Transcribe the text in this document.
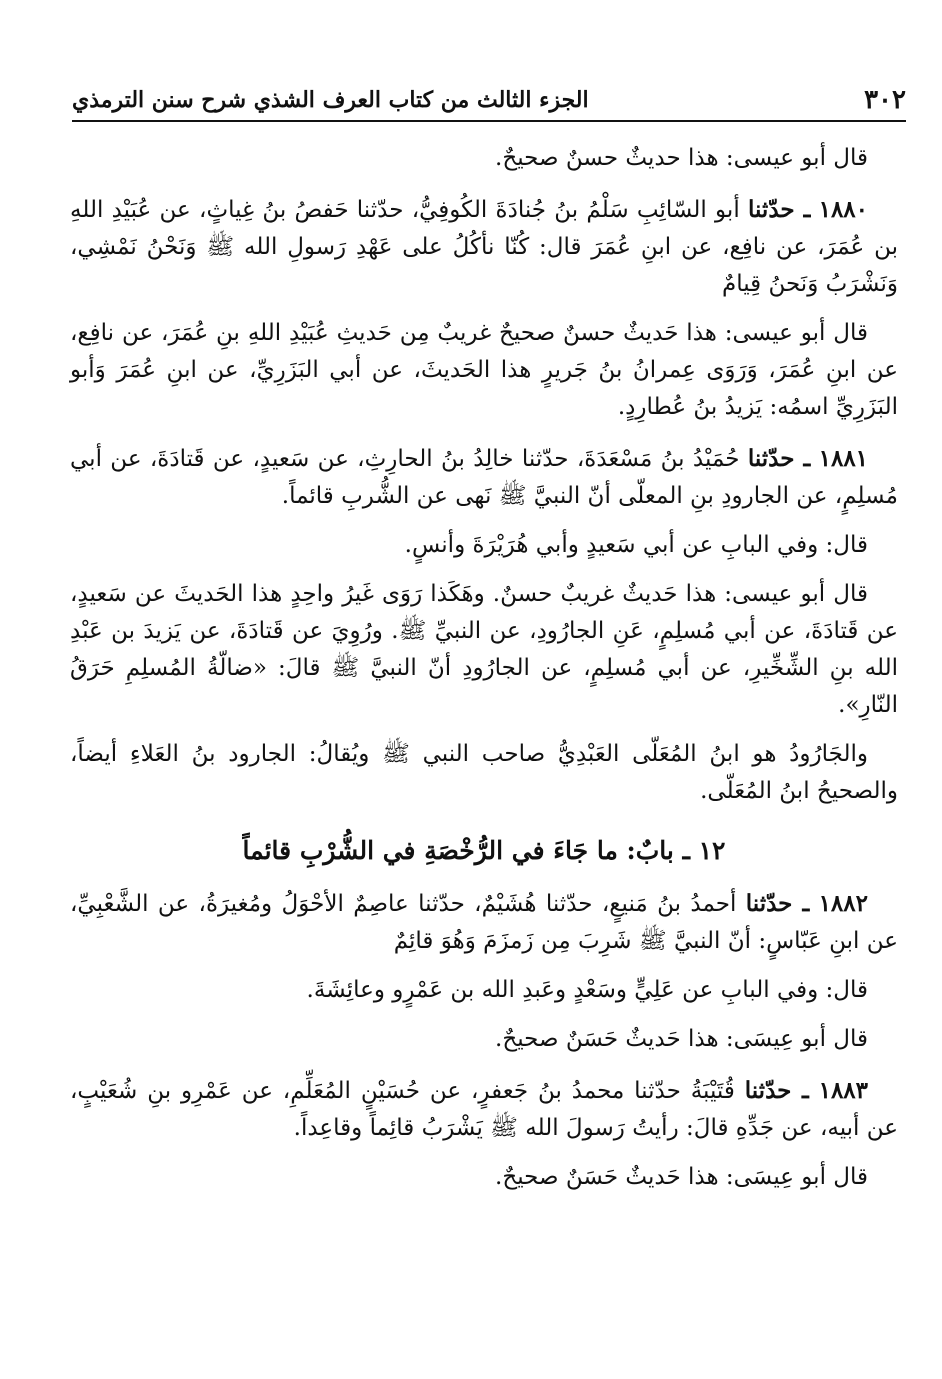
٣٠٢
الجزء الثالث من كتاب العرف الشذي شرح سنن الترمذي

قال أبو عيسى: هذا حديثٌ حسنٌ صحيحٌ.

١٨٨٠ ـ حدّثنا أبو السّائِبِ سَلْمُ بنُ جُنادَةَ الكُوفِيُّ، حدّثنا حَفصُ بنُ غِياثٍ، عن عُبَيْدِ اللهِ بن عُمَرَ، عن نافِع، عن ابنِ عُمَرَ قال: كُنّا نأكُلُ على عَهْدِ رَسولِ الله ﷺ وَنَحْنُ نَمْشِي، وَنَشْرَبُ وَنَحنُ قِيامٌ

قال أبو عيسى: هذا حَديثٌ حسنٌ صحيحٌ غريبٌ مِن حَديثِ عُبَيْدِ اللهِ بنِ عُمَرَ، عن نافِع، عن ابنِ عُمَرَ، وَرَوَى عِمرانُ بنُ جَريرٍ هذا الحَديثَ، عن أبي البَزَرِيِّ، عن ابنِ عُمَرَ وَأبو البَزَرِيِّ اسمُه: يَزيدُ بنُ عُطارِدٍ.

١٨٨١ ـ حدّثنا حُمَيْدُ بنُ مَسْعَدَةَ، حدّثنا خالِدُ بنُ الحارِثِ، عن سَعيدٍ، عن قَتادَةَ، عن أبي مُسلِمٍ، عن الجارودِ بنِ المعلّى أنّ النبيَّ ﷺ نَهى عن الشُّربِ قائماً.

قال: وفي البابِ عن أبي سَعيدٍ وأبي هُرَيْرَةَ وأنسٍ.

قال أبو عيسى: هذا حَديثٌ غريبٌ حسنٌ. وهَكَذا رَوَى غَيرُ واحِدٍ هذا الحَديثَ عن سَعيدٍ، عن قَتادَةَ، عن أبي مُسلِمٍ، عَنِ الجارُودِ، عن النبيِّ ﷺ. ورُوِيَ عن قَتادَةَ، عن يَزيدَ بن عَبْدِ الله بنِ الشِّخِّيرِ، عن أبي مُسلِمٍ، عن الجارُودِ أنّ النبيَّ ﷺ قالَ: «ضالّةُ المُسلِمِ حَرَقُ النّارِ».

والجَارُودُ هو ابنُ المُعَلّى العَبْدِيُّ صاحب النبي ﷺ ويُقالُ: الجارود بنُ العَلاءِ أيضاً، والصحيحُ ابنُ المُعَلّى.

١٢ ـ بابٌ: ما جَاءَ في الرُّخْصَةِ في الشُّرْبِ قائماً

١٨٨٢ ـ حدّثنا أحمدُ بنُ مَنيعٍ، حدّثنا هُشَيْمٌ، حدّثنا عاصِمٌ الأحْوَلُ ومُغيرَةُ، عن الشَّعْبِيِّ، عن ابنِ عَبّاسٍ: أنّ النبيَّ ﷺ شَرِبَ مِن زَمزَمَ وَهُوَ قائِمٌ

قال: وفي البابِ عن عَلِيٍّ وسَعْدٍ وعَبدِ الله بن عَمْرٍو وعائِشَةَ.

قال أبو عِيسَى: هذا حَديثٌ حَسَنٌ صحيحٌ.

١٨٨٣ ـ حدّثنا قُتَيْبَةُ حدّثنا محمدُ بنُ جَعفرٍ، عن حُسَيْنٍ المُعَلِّمِ، عن عَمْرِو بنِ شُعَيْبٍ، عن أبيه، عن جَدِّهِ قالَ: رأيتُ رَسولَ الله ﷺ يَشْرَبُ قائِماً وقاعِداً.

قال أبو عِيسَى: هذا حَديثٌ حَسَنٌ صحيحٌ.
